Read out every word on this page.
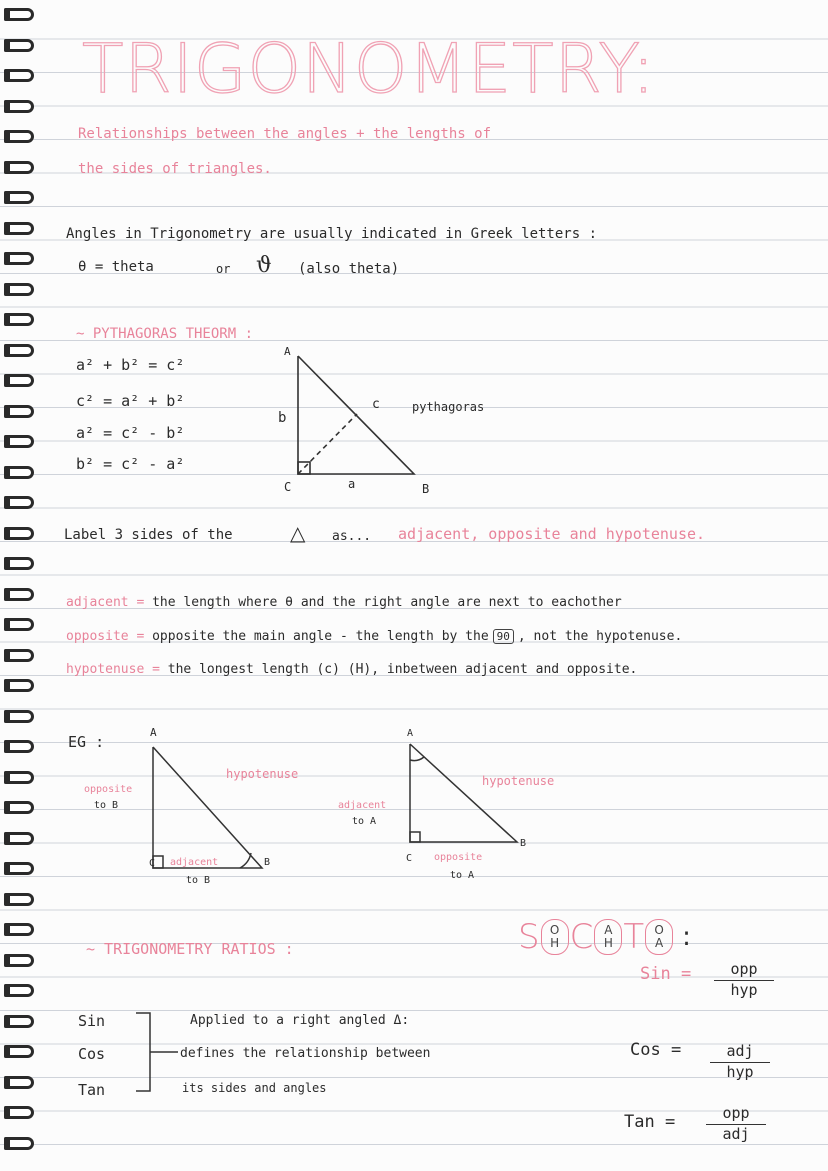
TRIGONOMETRY:
Relationships between the angles + the lengths of
the sides of triangles.
Angles in Trigonometry are usually indicated in Greek letters :
θ = theta	or ϑ (also theta)
~ PYTHAGORAS THEORM :
a² + b² = c²
c² = a² + b²
a² = c² - b²
b² = c² - a²
A
b
c	pythagoras
C	a	B
Label 3 sides of the	△ as... adjacent, opposite and hypotenuse.
adjacent = the length where θ and the right angle are next to eachother
opposite = opposite the main angle - the length by the 90 , not the hypotenuse.
hypotenuse = the longest length (c) (H), inbetween adjacent and opposite.
EG :
A
opposite
to B
hypotenuse
C adjacent
to B
B
A
adjacent
to A
hypotenuse
C opposite
to A
B
~ TRIGONOMETRY RATIOS :
Sin
Cos
Tan
Applied to a right angled Δ:
defines the relationship between
its sides and angles
S O
H C A
H T O
A :
Sin =	opp
hyp
Cos =	adj
hyp
Tan =	opp
adj
